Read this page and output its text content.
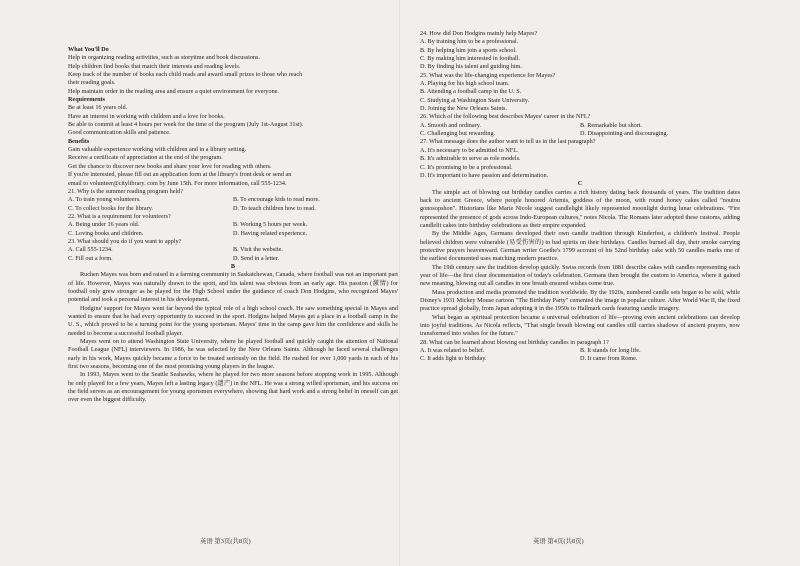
What You'll Do

Help in organizing reading activities, such as storytime and book discussions.

Help children find books that match their interests and reading levels.

Keep track of the number of books each child reads and award small prizes to those who reach

their reading goals.

Help maintain order in the reading area and ensure a quiet environment for everyone.

Requirements

Be at least 16 years old.

Have an interest in working with children and a love for books.

Be able to commit at least 4 hours per week for the time of the program (July 1st-August 31st).

Good communication skills and patience.

Benefits

Gain valuable experience working with children and in a library setting.

Receive a certificate of appreciation at the end of the program.

Get the chance to discover new books and share your love for reading with others.

If you're interested, please fill out an application form at the library's front desk or send an

email to volunteer@citylibrary. com by June 15th. For more information, call 555-1234.

21. Why is the summer reading program held?

A. To train young volunteers.	B. To encourage kids to read more.
C. To collect books for the library.	D. To teach children how to read.

22. What is a requirement for volunteers?

A. Being under 16 years old.	B. Working 5 hours per week.
C. Loving books and children.	D. Having related experience.

23. What should you do if you want to apply?

A. Call 555-1234.	B. Visit the website.
C. Fill out a form.	D. Send in a letter.

B

Ruchen Mayes was born and raised in a farming community in Saskatchewan, Canada, where football was not an important part of life. However, Mayes was naturally drawn to the sport, and his talent was obvious from an early age. His passion (激情) for football only grew stronger as he played for the High School under the guidance of coach Don Hodgins, who recognized Mayes' potential and took a personal interest in his development.

Hodgins' support for Mayes went far beyond the typical role of a high school coach. He saw something special in Mayes and wanted to ensure that he had every opportunity to succeed in the sport. Hodgins helped Mayes get a place in a football camp in the U. S., which proved to be a turning point for the young sportsman. Mayes' time in the camp gave him the confidence and skills he needed to become a successful football player.

Mayes went on to attend Washington State University, where he played football and quickly caught the attention of National Football League (NFL) interviewers. In 1986, he was selected by the New Orleans Saints. Although he faced several challenges early in his work, Mayes quickly became a force to be treated seriously on the field. He rushed for over 1,000 yards in each of his first two seasons, becoming one of the most promising young players in the league.

In 1993, Mayes went to the Seattle Seahawks, where he played for two more seasons before stopping work in 1995. Although he only played for a few years, Mayes left a lasting legacy (遗产) in the NFL. He was a strong willed sportsman, and his success on the field serves as an encouragement for young sportsmen everywhere, showing that hard work and a strong belief in oneself can get over even the biggest difficulty.

英语 第3页(共8页)

24. How did Don Hodgins mainly help Mayes?

A. By training him to be a professional.
B. By helping him join a sports school.
C. By making him interested in football.
D. By finding his talent and guiding him.

25. What was the life-changing experience for Mayes?

A. Playing for his high school team.
B. Attending a football camp in the U. S.
C. Studying at Washington State University.
D. Joining the New Orleans Saints.

26. Which of the following best describes Mayes' career in the NFL?

A. Smooth and ordinary.	B. Remarkable but short.
C. Challenging but rewarding.	D. Disappointing and discouraging.

27. What message does the author want to tell us in the last paragraph?

A. It's necessary to be admitted to NFL.
B. It's admirable to serve as role models.
C. It's promising to be a professional.
D. It's important to have passion and determination.

C

The simple act of blowing out birthday candles carries a rich history dating back thousands of years. The tradition dates back to ancient Greece, where people honored Artemis, goddess of the moon, with round honey cakes called "noutou gonosopshon". Historians like Marie Nicole suggest candlelight likely represented moonlight during lunar celebrations. "Fire represented the presence of gods across Indo-European cultures," notes Nicola. The Romans later adopted these customs, adding candlelit cakes into birthday celebrations as their empire expanded.

By the Middle Ages, Germans developed their own candle tradition through Kinderfest, a children's festival. People believed children were vulnerable (易受伤害的) to bad spirits on their birthdays. Candles burned all day, their smoke carrying protective prayers heavenward. German writer Goethe's 1799 account of his 52nd birthday cake with 50 candles marks one of the earliest documented uses matching modern practice.

The 19th century saw the tradition develop quickly. Swiss records from 1881 describe cakes with candles representing each year of life—the first clear documentation of today's celebration. Germans then brought the custom to America, where it gained new meaning, blowing out all candles in one breath ensured wishes come true.

Mass production and media promoted the tradition worldwide. By the 1920s, numbered candle sets began to be sold, while Disney's 1931 Mickey Mouse cartoon "The Birthday Party" cemented the image in popular culture. After World War II, the fixed practice spread globally, from Japan adopting it in the 1950s to Hallmark cards featuring candle imagery.

What began as spiritual protection became a universal celebration of life—proving even ancient celebrations can develop into joyful traditions. As Nicola reflects, "That single breath blowing out candles still carries shadows of ancient prayers, now transformed into wishes for the future."

28. What can be learned about blowing out birthday candles in paragraph 1?

A. It was related to belief.	B. It stands for long life.
C. It adds light to birthday.	D. It came from Rome.
英语 第4页(共8页)
